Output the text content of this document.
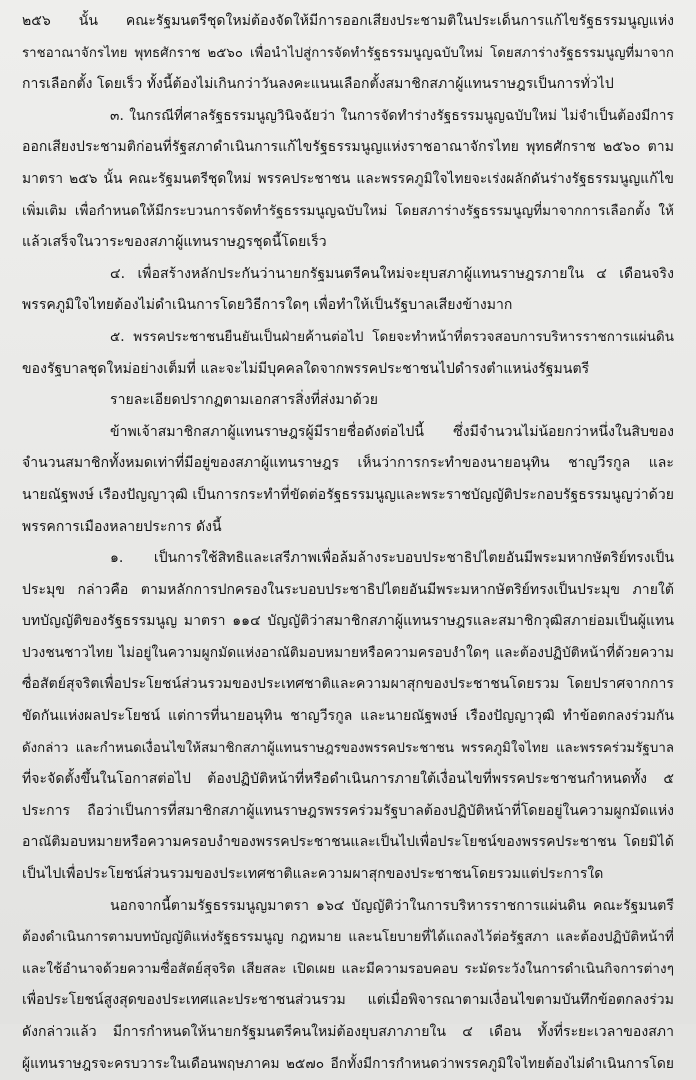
๒๕๖ นั้น คณะรัฐมนตรีชุดใหม่ต้องจัดให้มีการออกเสียงประชามติในประเด็นการแก้ไขรัฐธรรมนูญแห่ง
ราชอาณาจักรไทย พุทธศักราช ๒๕๖๐ เพื่อนำไปสู่การจัดทำรัฐธรรมนูญฉบับใหม่ โดยสภาร่างรัฐธรรมนูญที่มาจาก
การเลือกตั้ง โดยเร็ว ทั้งนี้ต้องไม่เกินกว่าวันลงคะแนนเลือกตั้งสมาชิกสภาผู้แทนราษฎรเป็นการทั่วไป
๓. ในกรณีที่ศาลรัฐธรรมนูญวินิจฉัยว่า ในการจัดทำร่างรัฐธรรมนูญฉบับใหม่ ไม่จำเป็นต้องมีการ
ออกเสียงประชามติก่อนที่รัฐสภาดำเนินการแก้ไขรัฐธรรมนูญแห่งราชอาณาจักรไทย พุทธศักราช ๒๕๖๐ ตาม
มาตรา ๒๕๖ นั้น คณะรัฐมนตรีชุดใหม่ พรรคประชาชน และพรรคภูมิใจไทยจะเร่งผลักดันร่างรัฐธรรมนูญแก้ไข
เพิ่มเติม เพื่อกำหนดให้มีกระบวนการจัดทำรัฐธรรมนูญฉบับใหม่ โดยสภาร่างรัฐธรรมนูญที่มาจากการเลือกตั้ง ให้
แล้วเสร็จในวาระของสภาผู้แทนราษฎรชุดนี้โดยเร็ว
๔. เพื่อสร้างหลักประกันว่านายกรัฐมนตรีคนใหม่จะยุบสภาผู้แทนราษฎรภายใน ๔ เดือนจริง
พรรคภูมิใจไทยต้องไม่ดำเนินการโดยวิธีการใดๆ เพื่อทำให้เป็นรัฐบาลเสียงข้างมาก
๕. พรรคประชาชนยืนยันเป็นฝ่ายค้านต่อไป โดยจะทำหน้าที่ตรวจสอบการบริหารราชการแผ่นดิน
ของรัฐบาลชุดใหม่อย่างเต็มที่ และจะไม่มีบุคคลใดจากพรรคประชาชนไปดำรงตำแหน่งรัฐมนตรี
รายละเอียดปรากฏตามเอกสารสิ่งที่ส่งมาด้วย
ข้าพเจ้าสมาชิกสภาผู้แทนราษฎรผู้มีรายชื่อดังต่อไปนี้ ซึ่งมีจำนวนไม่น้อยกว่าหนึ่งในสิบของ
จำนวนสมาชิกทั้งหมดเท่าที่มีอยู่ของสภาผู้แทนราษฎร เห็นว่าการกระทำของนายอนุทิน ชาญวีรกูล และ
นายณัฐพงษ์ เรืองปัญญาวุฒิ เป็นการกระทำที่ขัดต่อรัฐธรรมนูญและพระราชบัญญัติประกอบรัฐธรรมนูญว่าด้วย
พรรคการเมืองหลายประการ ดังนี้
๑. เป็นการใช้สิทธิและเสรีภาพเพื่อล้มล้างระบอบประชาธิปไตยอันมีพระมหากษัตริย์ทรงเป็น
ประมุข กล่าวคือ ตามหลักการปกครองในระบอบประชาธิปไตยอันมีพระมหากษัตริย์ทรงเป็นประมุข ภายใต้
บทบัญญัติของรัฐธรรมนูญ มาตรา ๑๑๔ บัญญัติว่าสมาชิกสภาผู้แทนราษฎรและสมาชิกวุฒิสภาย่อมเป็นผู้แทน
ปวงชนชาวไทย ไม่อยู่ในความผูกมัดแห่งอาณัติมอบหมายหรือความครอบงำใดๆ และต้องปฏิบัติหน้าที่ด้วยความ
ซื่อสัตย์สุจริตเพื่อประโยชน์ส่วนรวมของประเทศชาติและความผาสุกของประชาชนโดยรวม โดยปราศจากการ
ขัดกันแห่งผลประโยชน์ แต่การที่นายอนุทิน ชาญวีรกูล และนายณัฐพงษ์ เรืองปัญญาวุฒิ ทำข้อตกลงร่วมกัน
ดังกล่าว และกำหนดเงื่อนไขให้สมาชิกสภาผู้แทนราษฎรของพรรคประชาชน พรรคภูมิใจไทย และพรรคร่วมรัฐบาล
ที่จะจัดตั้งขึ้นในโอกาสต่อไป ต้องปฏิบัติหน้าที่หรือดำเนินการภายใต้เงื่อนไขที่พรรคประชาชนกำหนดทั้ง ๕
ประการ ถือว่าเป็นการที่สมาชิกสภาผู้แทนราษฎรพรรคร่วมรัฐบาลต้องปฏิบัติหน้าที่โดยอยู่ในความผูกมัดแห่ง
อาณัติมอบหมายหรือความครอบงำของพรรคประชาชนและเป็นไปเพื่อประโยชน์ของพรรคประชาชน โดยมิได้
เป็นไปเพื่อประโยชน์ส่วนรวมของประเทศชาติและความผาสุกของประชาชนโดยรวมแต่ประการใด
นอกจากนี้ตามรัฐธรรมนูญมาตรา ๑๖๔ บัญญัติว่าในการบริหารราชการแผ่นดิน คณะรัฐมนตรี
ต้องดำเนินการตามบทบัญญัติแห่งรัฐธรรมนูญ กฎหมาย และนโยบายที่ได้แถลงไว้ต่อรัฐสภา และต้องปฏิบัติหน้าที่
และใช้อำนาจด้วยความซื่อสัตย์สุจริต เสียสละ เปิดเผย และมีความรอบคอบ ระมัดระวังในการดำเนินกิจการต่างๆ
เพื่อประโยชน์สูงสุดของประเทศและประชาชนส่วนรวม แต่เมื่อพิจารณาตามเงื่อนไขตามบันทึกข้อตกลงร่วม
ดังกล่าวแล้ว มีการกำหนดให้นายกรัฐมนตรีคนใหม่ต้องยุบสภาภายใน ๔ เดือน ทั้งที่ระยะเวลาของสภา
ผู้แทนราษฎรจะครบวาระในเดือนพฤษภาคม ๒๕๗๐ อีกทั้งมีการกำหนดว่าพรรคภูมิใจไทยต้องไม่ดำเนินการโดย
